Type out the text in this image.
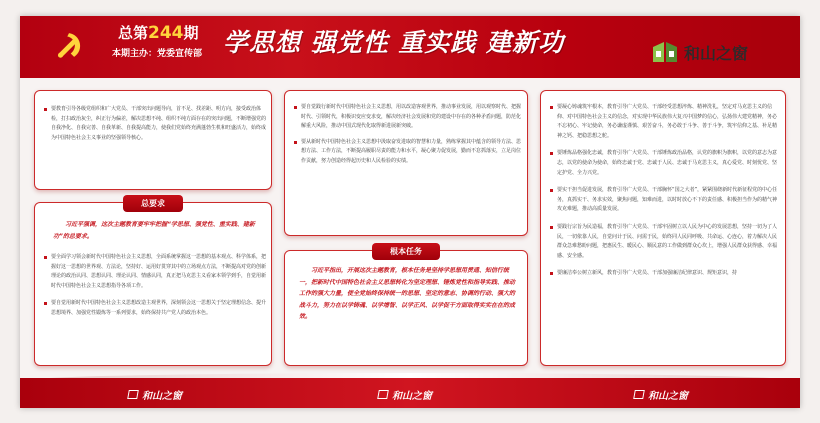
总第244期
本期主办：党委宣传部 学思想 强党性 重实践 建新功	和山之窗

要教育引导各级党组织和广大党员、干部突出问题导向，首不足、找差距、明方向，接受政治体检，打扫政治灰尘，纠正行为偏差，解决思想不纯、组织不纯方面存在的突出问题，不断增强党的自我净化、自我完善、自我革新、自我提高能力，使我们党始终充满蓬勃生机和旺盛活力，始终成为中国特色社会主义事业的坚强领导核心。

总要求
习近平强调，这次主题教育要牢牢把握“学思想、强党性、重实践、建新功”的总要求。

要全面学习领会新时代中国特色社会主义思想，全面系统掌握这一思想的基本观点、科学体系，把握好这一思想的世界观、方法论，坚持好、运用好贯穿其中的立场观点方法，不断提高对党的创新理论的政治认同、思想认同、理论认同、情感认同，真正把马克思主义看家本领学到手，自觉用新时代中国特色社会主义思想指导各项工作。

要自觉用新时代中国特色社会主义思想改造主观世界，深刻领会这一思想关于坚定理想信念、提升思想境界、加强党性锻炼等一系列要求，始终保持共产党人的政治本色。

要自觉践行新时代中国特色社会主义思想，用以改造客观世界，推动事业发展，用以观察时代、把握时代、引领时代，积极识变应变求变，解决经济社会发展和党的建设中存在的各种矛盾问题，防范化解重大风险，推动中国式现代化取得新进展新突破。

要从新时代中国特色社会主义思想中汲取奋发进取的智慧和力量，熟练掌握其中蕴含的领导方法、思想方法、工作方法，不断提高履职尽责的能力和水平，凝心聚力促发展，勤而不怠抓落实，立足岗位作贡献，努力创造经得起历史和人民检验的实绩。

根本任务
习近平指出，开展这次主题教育，根本任务是坚持学思想用贯通、知信行统一，把新时代中国特色社会主义思想转化为坚定理想、锤炼党性和指导实践、推动工作的强大力量，使全党始终保持统一的思想、坚定的意志、协调的行动、强大的战斗力，努力在以学铸魂、以学增智、以学正风、以学促干方面取得实实在在的成效。

要凝心铸魂筑牢根本，教育引导广大党员、干部经受思想淬炼、精神洗礼，坚定对马克思主义的信仰、对中国特色社会主义的信念，对实现中华民族伟大复兴中国梦的信心，弘扬伟大建党精神，务必不忘初心、牢记使命，务必谦虚谨慎、艰苦奋斗，务必敢于斗争、善于斗争，筑牢信仰之基、补足精神之钙、把稳思想之舵。

要锤炼品格强化忠诚，教育引导广大党员、干部锤炼政治品格，认党的旗帜为旗帜，以党的意志为意志，以党的使命为使命，始终忠诚于党、忠诚于人民、忠诚于马克思主义，真心爱党、时刻忧党、坚定护党、全力兴党。

要实干担当促进发展，教育引导广大党员、干部胸怀“国之大者”，紧紧围绕新时代新征程党的中心任务，真抓实干、务求实效，聚焦问题，知难而进，以时时放心不下的责任感、积极担当作为的精气神攻克难题，推动高质量发展。

要践行宗旨为民造福，教育引导广大党员、干部牢固树立以人民为中心的发展思想，坚持一切为了人民，一切依靠人民，自觉问计于民、问需于民，始终同人民同呼吸、共命运、心连心，着力解决人民群众急难愁盼问题，把惠民生、暖民心、顺民意的工作做到群众心坎上，增强人民群众获得感、幸福感、安全感。

要廉洁奉公树立新风，教育引导广大党员、干部加强廉洁纪律意识、规矩意识，持

和山之窗	和山之窗	和山之窗
